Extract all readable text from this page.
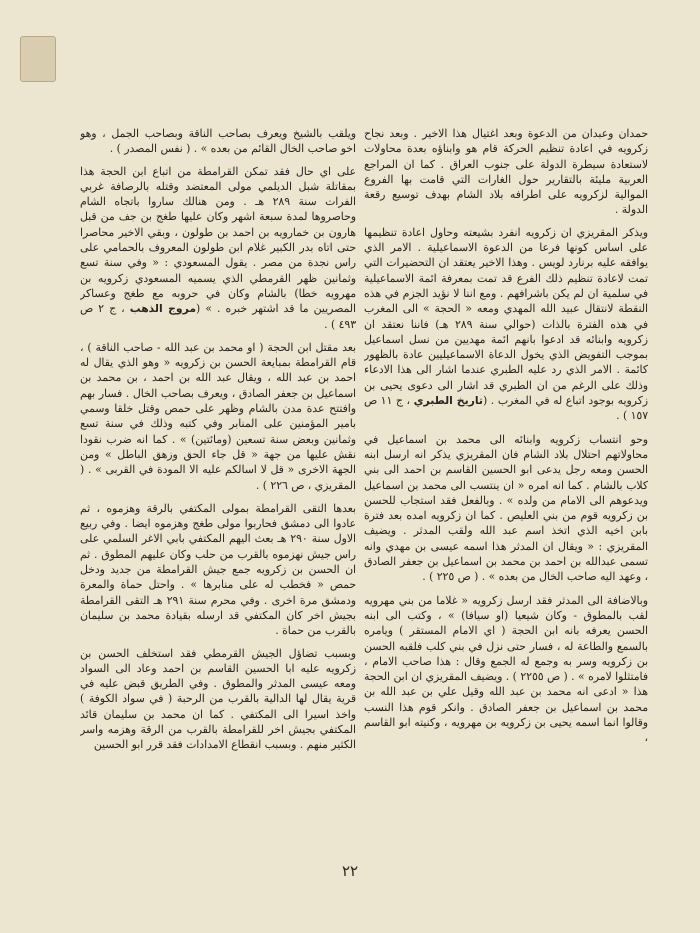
حمدان وعبدان من الدعوة وبعد اغتيال هذا الاخير . وبعد نجاح زكرويه في اعادة تنظيم الحركة قام هو وابناؤه بعدة محاولات لاستعادة سيطرة الدولة على جنوب العراق . كما ان المراجع العربية مليئة بالتقارير حول الغارات التي قامت بها الفروع الموالية لزكرويه على اطرافه بلاد الشام بهدف توسيع رقعة الدولة .

ويذكر المقريزي ان زكرويه انفرد بشيعته وحاول اعادة تنظيمها على اساس كونها فرعا من الدعوة الاسماعيلية . الامر الذي يوافقه عليه برنارد لويس . وهذا الاخير يعتقد ان التحضيرات التي تمت لاعادة تنظيم ذلك الفرع قد تمت بمعرفة ائمة الاسماعيلية في سلمية ان لم يكن باشرافهم . ومع اننا لا نؤيد الجزم في هذه النقطة لانتقال عبيد الله المهدي ومعه « الحجة » الى المغرب في هذه الفترة بالذات (حوالي سنة ٢٨٩ هـ) فاننا نعتقد ان زكرويه وابنائه قد ادعوا بانهم ائمة مهديين من نسل اسماعيل بموجب التفويض الذي يخول الدعاة الاسماعيليين عادة بالظهور كائمة . الامر الذي رد عليه الطبري عندما اشار الى هذا الادعاء وذلك على الرغم من ان الطبري قد اشار الى دعوى يحيى بن زكرويه بوجود اتباع له في المغرب . (تاريخ الطبري ، ج ١١ ص ١٥٧ ) .

وحو انتساب زكرويه وابنائه الى محمد بن اسماعيل في محاولاتهم احتلال بلاد الشام فان المقريزي يذكر انه ارسل ابنه الحسن ومعه رجل يدعى ابو الحسين القاسم بن احمد الى بني كلاب بالشام . كما انه امره « ان ينتسب الى محمد بن اسماعيل ويدعوهم الى الامام من ولده » . وبالفعل فقد استجاب للحسن بن زكرويه قوم من بني العليص . كما ان زكرويه امده بعد فترة بابن اخيه الذي اتخذ اسم عبد الله ولقب المدثر . ويضيف المقريزي : « ويقال ان المدثر هذا اسمه عيسى بن مهدي وانه تسمى عبدالله بن احمد بن محمد بن اسماعيل بن جعفر الصادق ، وعهد اليه صاحب الخال من بعده » . ( ص ٢٢٥ ) .

وبالاضافة الى المدثر فقد ارسل زكرويه « غلاما من بني مهرويه لقب بالمطوق - وكان شيعيا (او سيافا) » ، وكتب الى ابنه الحسن يعرفه بانه ابن الحجة ( اي الامام المستقر ) ويامره بالسمع والطاعة له ، فسار حتى نزل في بني كلب فلقبه الحسن بن زكرويه وسر به وجمع له الجمع وقال : هذا صاحب الامام ، فامتثلوا لامره » . ( ص ٢٢٥٥ ) . ويضيف المقريزي ان ابن الحجة هذا « ادعى انه محمد بن عبد الله وقيل علي بن عبد الله بن محمد بن اسماعيل بن جعفر الصادق . وانكر قوم هذا النسب وقالوا انما اسمه يحيى بن زكرويه بن مهرويه ، وكنيته ابو القاسم ،

ويلقب بالشيخ ويعرف بصاحب الناقة وبصاحب الجمل ، وهو اخو صاحب الخال القائم من بعده » . ( نفس المصدر ) .

على اي حال فقد تمكن القرامطة من اتباع ابن الحجة هذا بمقاتلة شبل الديلمي مولى المعتضد وقتله بالرصافة غربي الفرات سنة ٢٨٩ هـ . ومن هنالك ساروا باتجاه الشام وحاصروها لمدة سبعة اشهر وكان عليها طغج بن جف من قبل هارون بن خمارويه بن احمد بن طولون ، وبقي الاخير محاصرا حتى اتاه بدر الكبير غلام ابن طولون المعروف بالحمامي على راس نجدة من مصر . يقول المسعودي : « وفي سنة تسع وثمانين ظهر القرمطي الذي يسميه المسعودي زكرويه بن مهرويه خطا) بالشام وكان في حروبه مع طغج وعساكر المصريين ما قد اشتهر خبره . » (مروج الذهب ، ج ٢ ص ٤٩٣ ) .

بعد مقتل ابن الحجة ( او محمد بن عبد الله - صاحب الناقة ) ، قام القرامطة بمبايعة الحسن بن زكرويه « وهو الذي يقال له احمد بن عبد الله ، ويقال عبد الله بن احمد ، بن محمد بن اسماعيل بن جعفر الصادق ، ويعرف بصاحب الخال . فسار بهم وافتتح عدة مدن بالشام وظهر على حمص وقتل خلقا وسمي بامير المؤمنين على المنابر وفي كتبه وذلك في سنة تسع وثمانين وبعض سنة تسعين (ومائتين) » . كما انه ضرب نقودا نقش عليها من جهة « قل جاء الحق وزهق الباطل » ومن الجهة الاخرى « قل لا اسالكم عليه الا المودة في القربى » . ( المقريزي ، ص ٢٢٦ ) .

بعدها التقى القرامطة بمولى المكتفي بالرقة وهزموه ، ثم عادوا الى دمشق فحاربوا مولى طغج وهزموه ايضا . وفي ربيع الاول سنة ٢٩٠ هـ بعث اليهم المكتفي بابي الاغر السلمي على راس جيش نهزموه بالقرب من حلب وكان عليهم المطوق . ثم ان الحسن بن زكرويه جمع جيش القرامطة من جديد ودخل حمص « فخطب له على منابرها » . واحتل حماة والمعرة ودمشق مرة اخرى . وفي محرم سنة ٢٩١ هـ التقى القرامطة بجيش اخر كان المكتفي قد ارسله بقيادة محمد بن سليمان بالقرب من حماة .

وبسبب تضاؤل الجيش القرمطي فقد استخلف الحسن بن زكرويه عليه ابا الحسين القاسم بن احمد وعاد الى السواد ومعه عيسى المدثر والمطوق . وفي الطريق قبض عليه في قرية يقال لها الدالية بالقرب من الرحبة ( في سواد الكوفة ) واخذ اسيرا الى المكتفي . كما ان محمد بن سليمان قائد المكتفي بجيش اخر للقرامطة بالقرب من الرقة وهزمه واسر الكثير منهم . وبسبب انقطاع الامدادات فقد قرر ابو الحسين

٢٢
